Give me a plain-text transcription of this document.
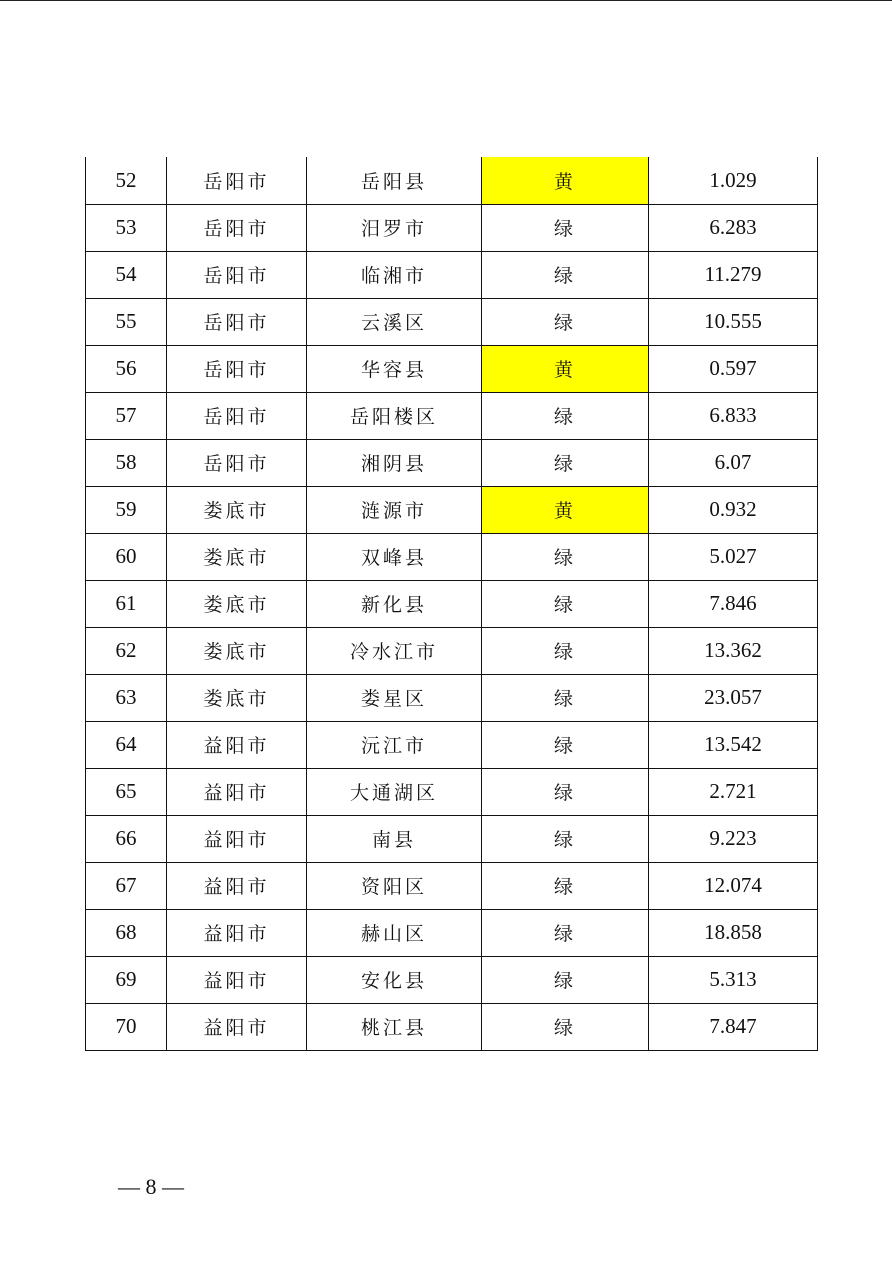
52	岳阳市	岳阳县	黄	1.029
53	岳阳市	汨罗市	绿	6.283
54	岳阳市	临湘市	绿	11.279
55	岳阳市	云溪区	绿	10.555
56	岳阳市	华容县	黄	0.597
57	岳阳市	岳阳楼区	绿	6.833
58	岳阳市	湘阴县	绿	6.07
59	娄底市	涟源市	黄	0.932
60	娄底市	双峰县	绿	5.027
61	娄底市	新化县	绿	7.846
62	娄底市	冷水江市	绿	13.362
63	娄底市	娄星区	绿	23.057
64	益阳市	沅江市	绿	13.542
65	益阳市	大通湖区	绿	2.721
66	益阳市	南县	绿	9.223
67	益阳市	资阳区	绿	12.074
68	益阳市	赫山区	绿	18.858
69	益阳市	安化县	绿	5.313
70	益阳市	桃江县	绿	7.847
— 8 —
